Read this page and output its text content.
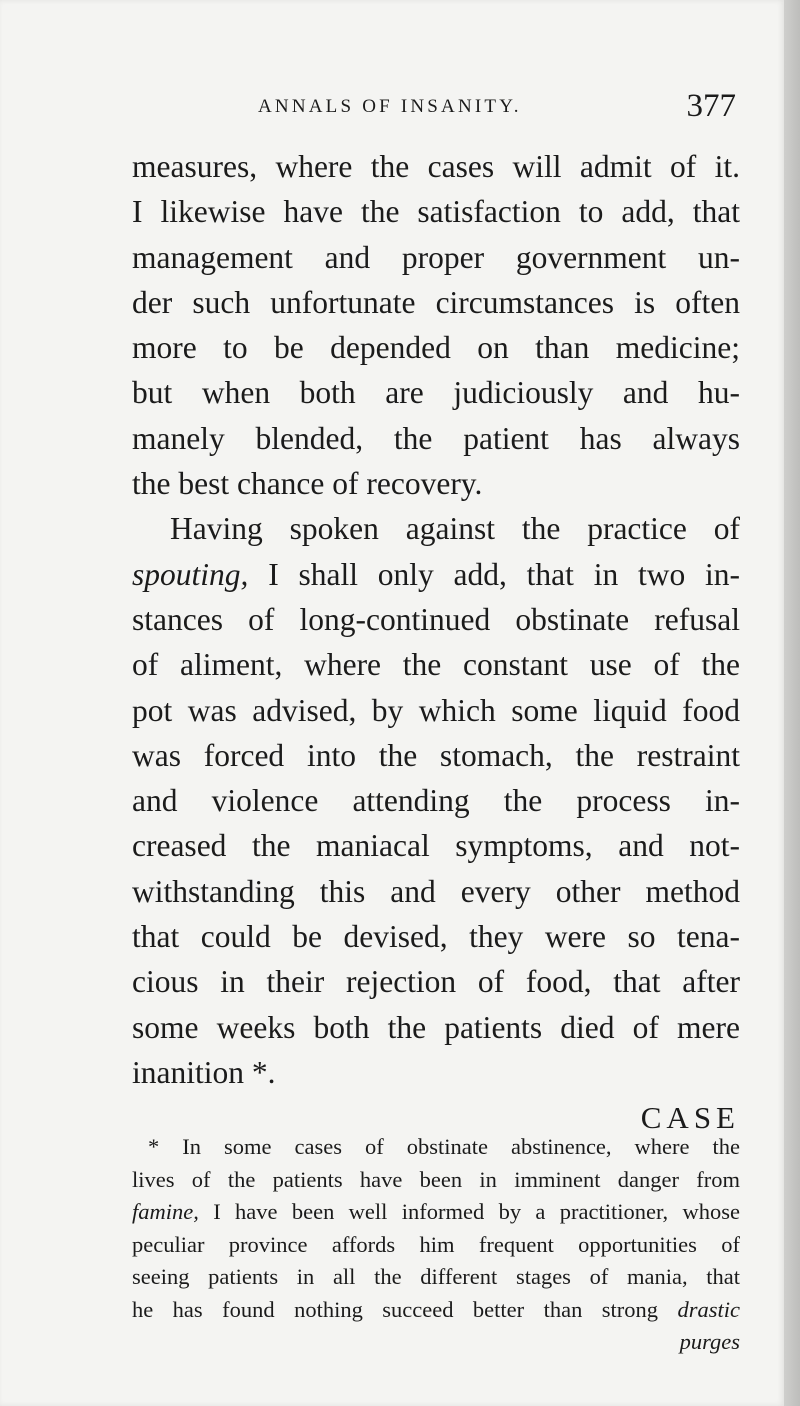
ANNALS OF INSANITY.	377
measures, where the cases will admit of it.
I likewise have the satisfaction to add, that
management and proper government un-
der such unfortunate circumstances is often
more to be depended on than medicine;
but when both are judiciously and hu-
manely blended, the patient has always
the best chance of recovery.
Having spoken against the practice of
spouting, I shall only add, that in two in-
stances of long-continued obstinate refusal
of aliment, where the constant use of the
pot was advised, by which some liquid food
was forced into the stomach, the restraint
and violence attending the process in-
creased the maniacal symptoms, and not-
withstanding this and every other method
that could be devised, they were so tena-
cious in their rejection of food, that after
some weeks both the patients died of mere
inanition *.
CASE
* In some cases of obstinate abstinence, where the
lives of the patients have been in imminent danger from
famine, I have been well informed by a practitioner, whose
peculiar province affords him frequent opportunities of
seeing patients in all the different stages of mania, that
he has found nothing succeed better than strong drastic
purges
